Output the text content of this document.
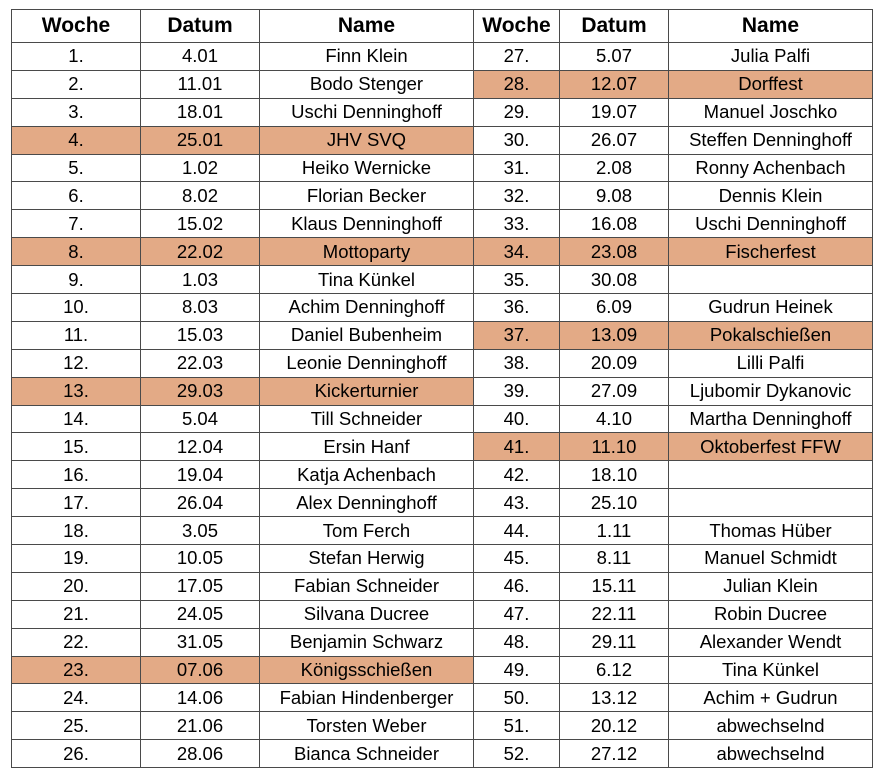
Woche	Datum	Name	Woche	Datum	Name
1.	4.01	Finn Klein	27.	5.07	Julia Palfi
2.	11.01	Bodo Stenger	28.	12.07	Dorffest
3.	18.01	Uschi Denninghoff	29.	19.07	Manuel Joschko
4.	25.01	JHV SVQ	30.	26.07	Steffen Denninghoff
5.	1.02	Heiko Wernicke	31.	2.08	Ronny Achenbach
6.	8.02	Florian Becker	32.	9.08	Dennis Klein
7.	15.02	Klaus Denninghoff	33.	16.08	Uschi Denninghoff
8.	22.02	Mottoparty	34.	23.08	Fischerfest
9.	1.03	Tina Künkel	35.	30.08	
10.	8.03	Achim Denninghoff	36.	6.09	Gudrun Heinek
11.	15.03	Daniel Bubenheim	37.	13.09	Pokalschießen
12.	22.03	Leonie Denninghoff	38.	20.09	Lilli Palfi
13.	29.03	Kickerturnier	39.	27.09	Ljubomir Dykanovic
14.	5.04	Till Schneider	40.	4.10	Martha Denninghoff
15.	12.04	Ersin Hanf	41.	11.10	Oktoberfest FFW
16.	19.04	Katja Achenbach	42.	18.10	
17.	26.04	Alex Denninghoff	43.	25.10	
18.	3.05	Tom Ferch	44.	1.11	Thomas Hüber
19.	10.05	Stefan Herwig	45.	8.11	Manuel Schmidt
20.	17.05	Fabian Schneider	46.	15.11	Julian Klein
21.	24.05	Silvana Ducree	47.	22.11	Robin Ducree
22.	31.05	Benjamin Schwarz	48.	29.11	Alexander Wendt
23.	07.06	Königsschießen	49.	6.12	Tina Künkel
24.	14.06	Fabian Hindenberger	50.	13.12	Achim + Gudrun
25.	21.06	Torsten Weber	51.	20.12	abwechselnd
26.	28.06	Bianca Schneider	52.	27.12	abwechselnd
